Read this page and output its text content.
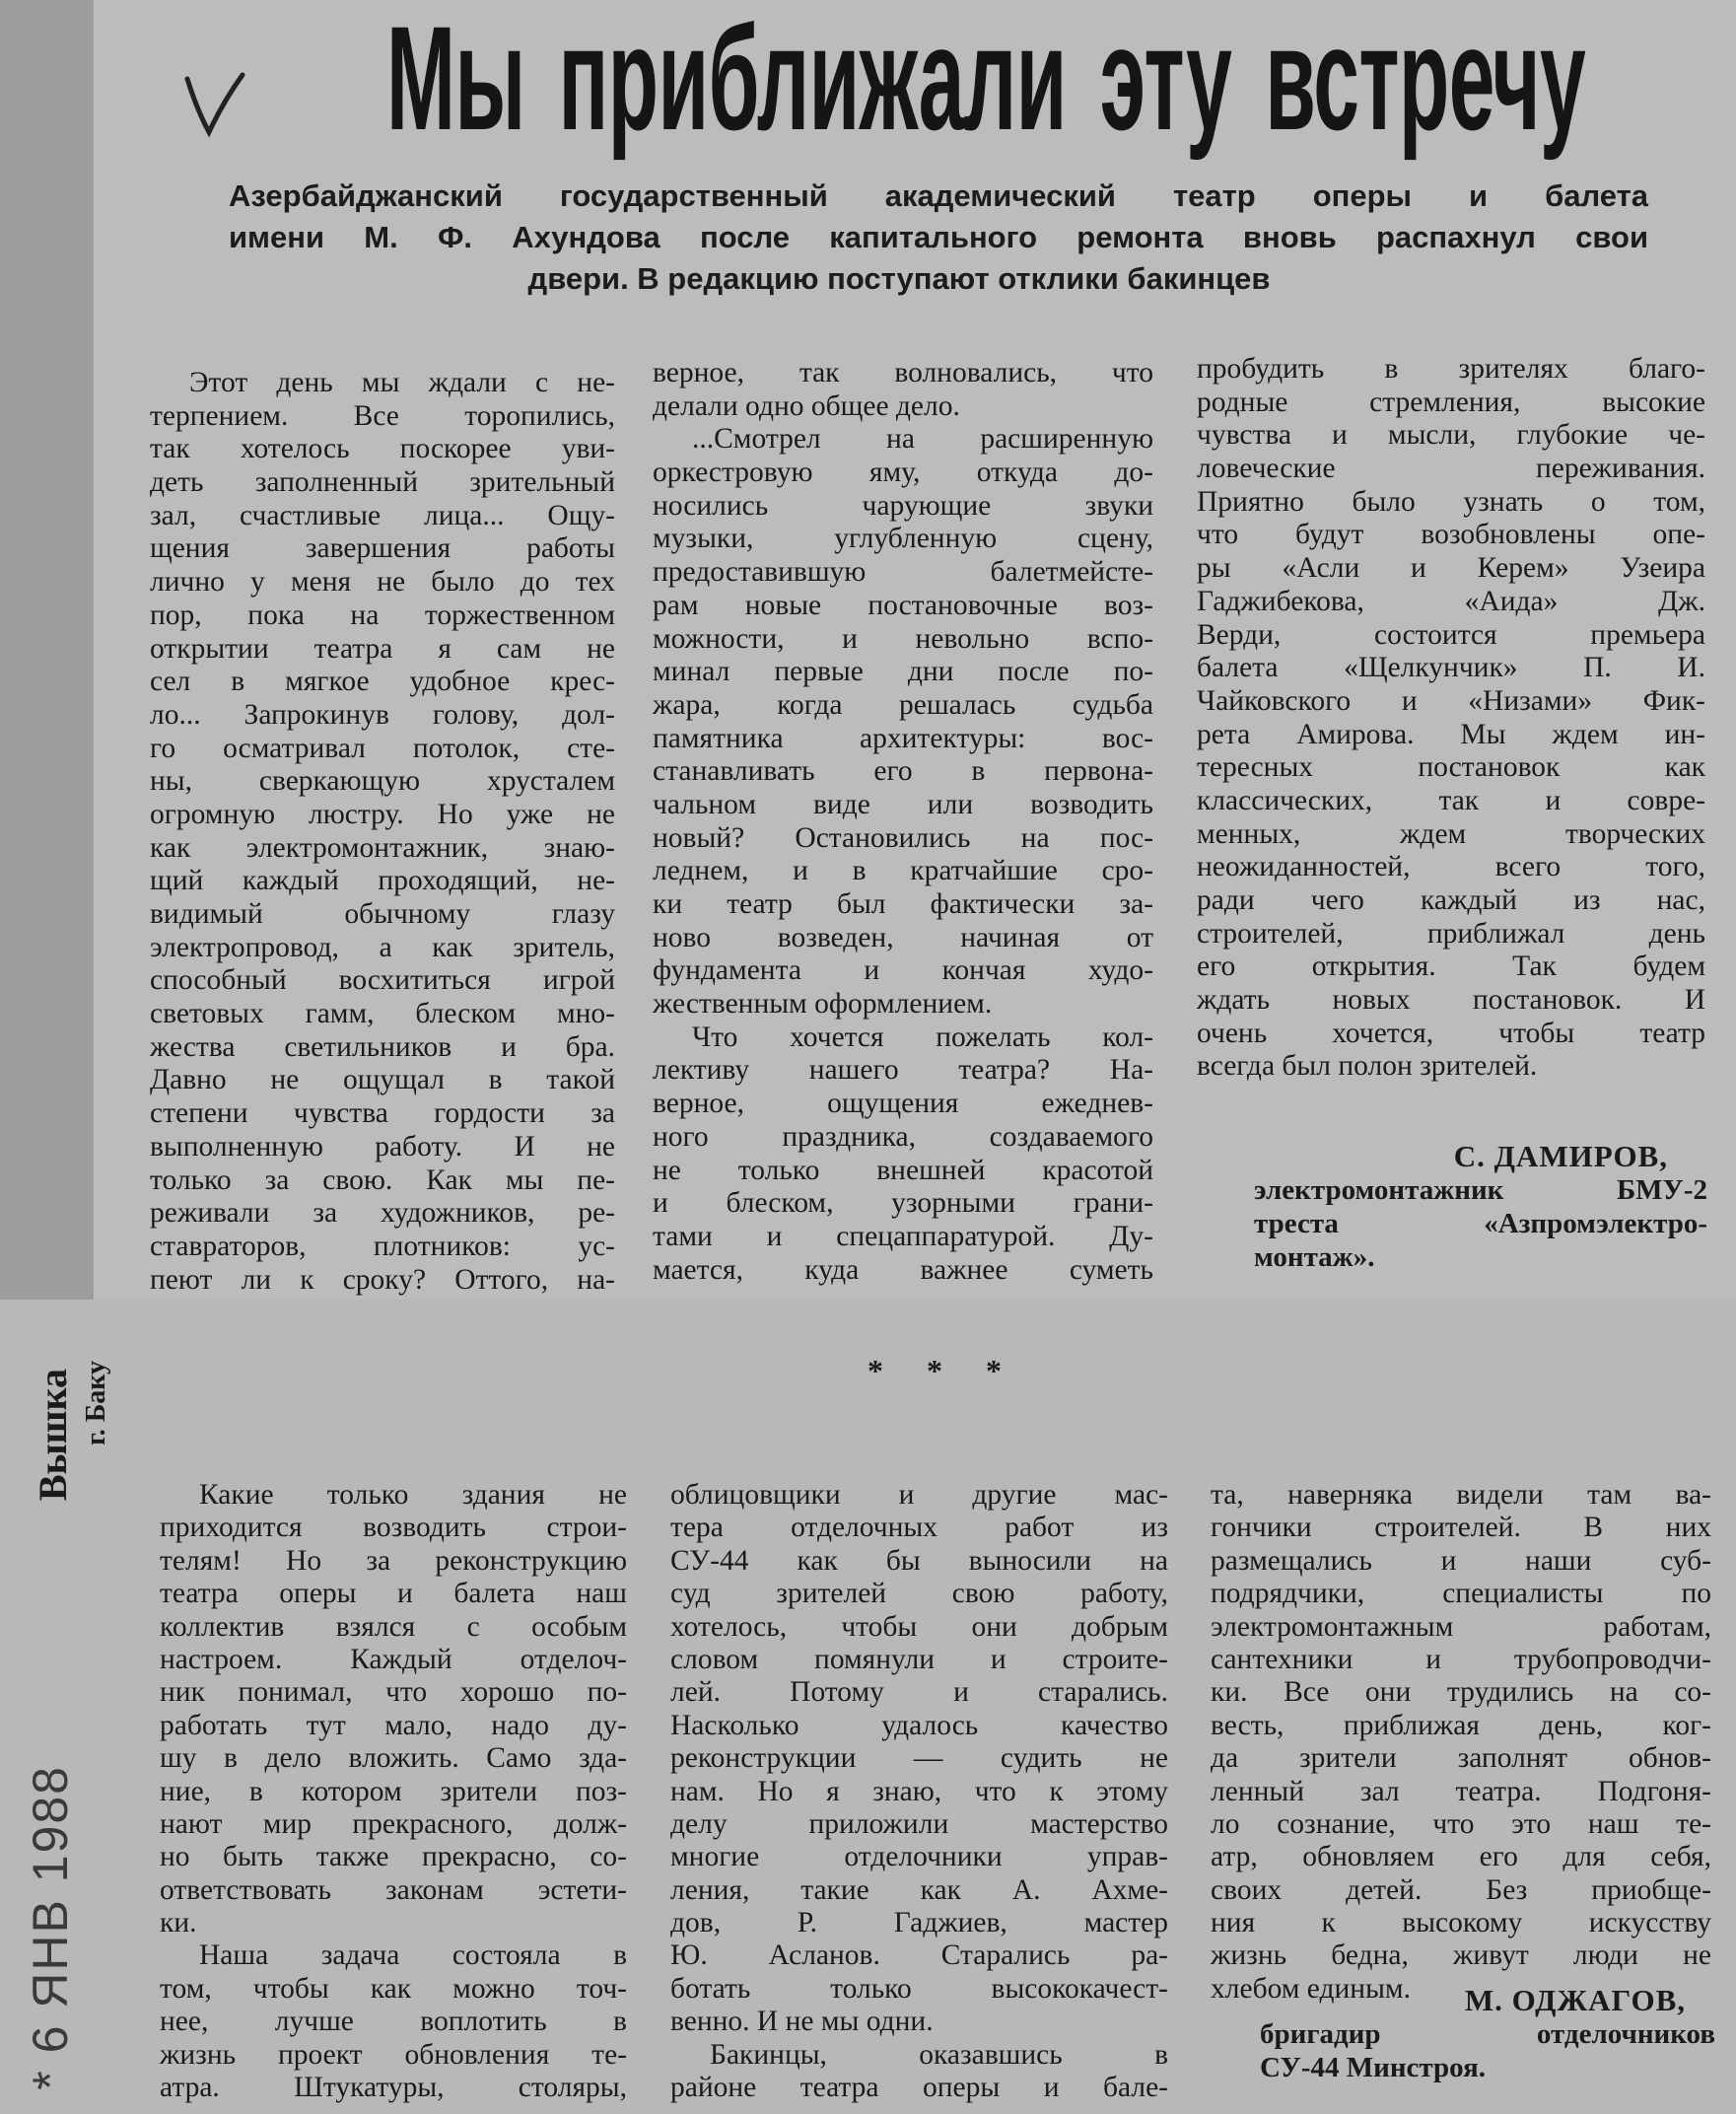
Мы приближали эту встречу
Азербайджанский государственный академический театр оперы и балета
имени М. Ф. Ахундова после капитального ремонта вновь распахнул свои
двери. В редакцию поступают отклики бакинцев
Этот день мы ждали с не-
терпением. Все торопились,
так хотелось поскорее уви-
деть заполненный зрительный
зал, счастливые лица... Ощу-
щения завершения работы
лично у меня не было до тех
пор, пока на торжественном
открытии театра я сам не
сел в мягкое удобное крес-
ло... Запрокинув голову, дол-
го осматривал потолок, сте-
ны, сверкающую хрусталем
огромную люстру. Но уже не
как электромонтажник, знаю-
щий каждый проходящий, не-
видимый обычному глазу
электропровод, а как зритель,
способный восхититься игрой
световых гамм, блеском мно-
жества светильников и бра.
Давно не ощущал в такой
степени чувства гордости за
выполненную работу. И не
только за свою. Как мы пе-
реживали за художников, ре-
ставраторов, плотников: ус-
пеют ли к сроку? Оттого, на-
верное, так волновались, что
делали одно общее дело.
...Смотрел на расширенную
оркестровую яму, откуда до-
носились чарующие звуки
музыки, углубленную сцену,
предоставившую балетмейсте-
рам новые постановочные воз-
можности, и невольно вспо-
минал первые дни после по-
жара, когда решалась судьба
памятника архитектуры: вос-
станавливать его в первона-
чальном виде или возводить
новый? Остановились на пос-
леднем, и в кратчайшие сро-
ки театр был фактически за-
ново возведен, начиная от
фундамента и кончая худо-
жественным оформлением.
Что хочется пожелать кол-
лективу нашего театра? На-
верное, ощущения ежеднев-
ного праздника, создаваемого
не только внешней красотой
и блеском, узорными грани-
тами и спецаппаратурой. Ду-
мается, куда важнее суметь
пробудить в зрителях благо-
родные стремления, высокие
чувства и мысли, глубокие че-
ловеческие переживания.
Приятно было узнать о том,
что будут возобновлены опе-
ры «Асли и Керем» Узеира
Гаджибекова, «Аида» Дж.
Верди, состоится премьера
балета «Щелкунчик» П. И.
Чайковского и «Низами» Фик-
рета Амирова. Мы ждем ин-
тересных постановок как
классических, так и совре-
менных, ждем творческих
неожиданностей, всего того,
ради чего каждый из нас,
строителей, приближал день
его открытия. Так будем
ждать новых постановок. И
очень хочется, чтобы театр
всегда был полон зрителей.
С. ДАМИРОВ,
электромонтажник БМУ-2
треста «Азпромэлектро-
монтаж».
* * *
Какие только здания не
приходится возводить строи-
телям! Но за реконструкцию
театра оперы и балета наш
коллектив взялся с особым
настроем. Каждый отделоч-
ник понимал, что хорошо по-
работать тут мало, надо ду-
шу в дело вложить. Само зда-
ние, в котором зрители поз-
нают мир прекрасного, долж-
но быть также прекрасно, со-
ответствовать законам эстети-
ки.
Наша задача состояла в
том, чтобы как можно точ-
нее, лучше воплотить в
жизнь проект обновления те-
атра. Штукатуры, столяры,
облицовщики и другие мас-
тера отделочных работ из
СУ-44 как бы выносили на
суд зрителей свою работу,
хотелось, чтобы они добрым
словом помянули и строите-
лей. Потому и старались.
Насколько удалось качество
реконструкции — судить не
нам. Но я знаю, что к этому
делу приложили мастерство
многие отделочники управ-
ления, такие как А. Ахме-
дов, Р. Гаджиев, мастер
Ю. Асланов. Старались ра-
ботать только высококачест-
венно. И не мы одни.
Бакинцы, оказавшись в
районе театра оперы и бале-
та, наверняка видели там ва-
гончики строителей. В них
размещались и наши суб-
подрядчики, специалисты по
электромонтажным работам,
сантехники и трубопроводчи-
ки. Все они трудились на со-
весть, приближая день, ког-
да зрители заполнят обнов-
ленный зал театра. Подгоня-
ло сознание, что это наш те-
атр, обновляем его для себя,
своих детей. Без приобще-
ния к высокому искусству
жизнь бедна, живут люди не
хлебом единым.	М. ОДЖАГОВ,
бригадир отделочников
СУ-44 Минстроя.
Вышка г. Баку
* 6 ЯНВ 1988
